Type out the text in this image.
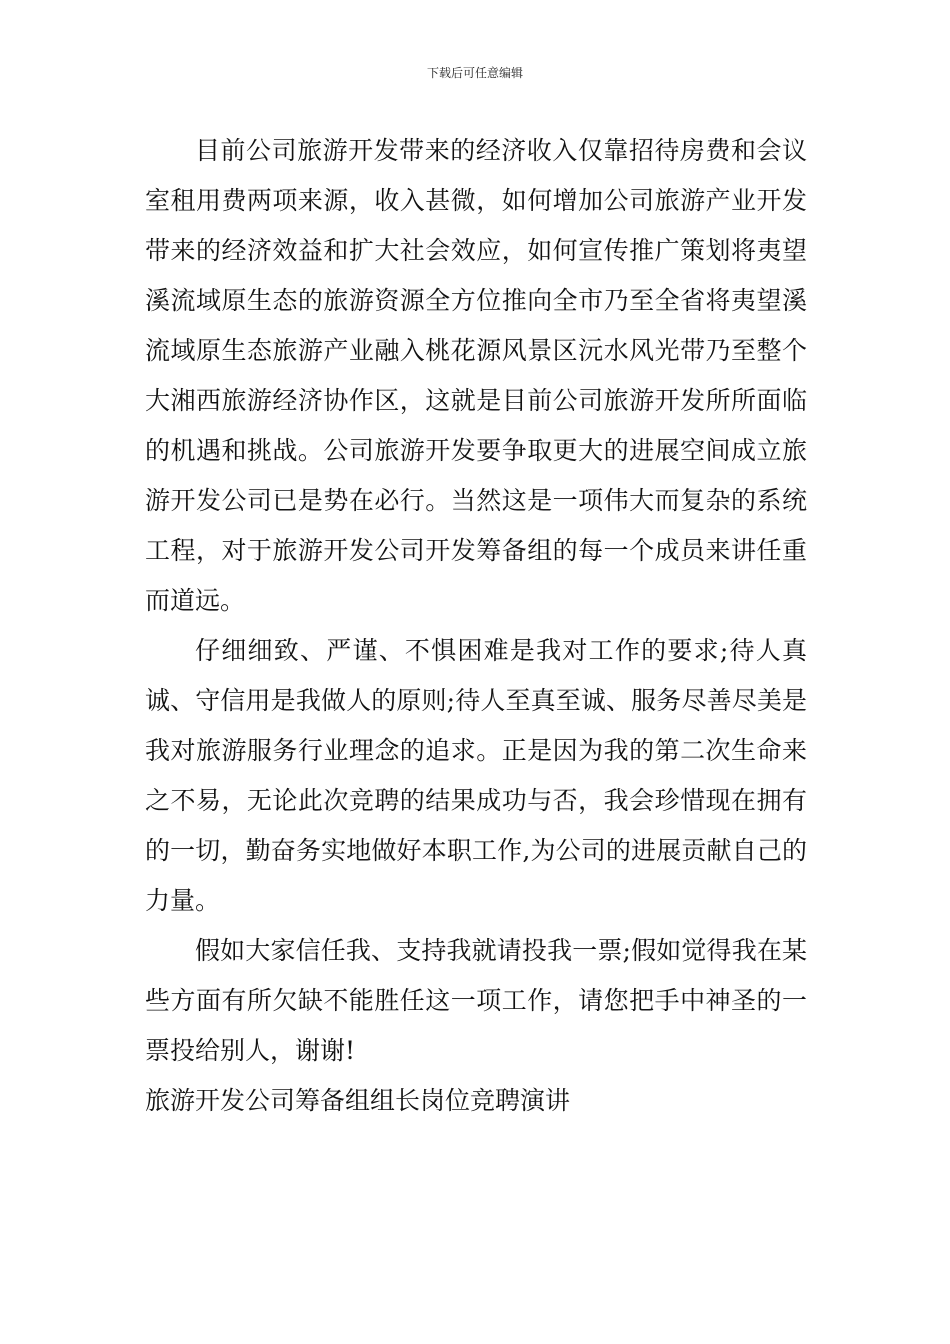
下载后可任意编辑

目前公司旅游开发带来的经济收入仅靠招待房费和会议室租用费两项来源，收入甚微，如何增加公司旅游产业开发带来的经济效益和扩大社会效应，如何宣传推广策划将夷望溪流域原生态的旅游资源全方位推向全市乃至全省将夷望溪流域原生态旅游产业融入桃花源风景区沅水风光带乃至整个大湘西旅游经济协作区，这就是目前公司旅游开发所所面临的机遇和挑战。公司旅游开发要争取更大的进展空间成立旅游开发公司已是势在必行。当然这是一项伟大而复杂的系统工程，对于旅游开发公司开发筹备组的每一个成员来讲任重而道远。

仔细细致、严谨、不惧困难是我对工作的要求;待人真诚、守信用是我做人的原则;待人至真至诚、服务尽善尽美是我对旅游服务行业理念的追求。正是因为我的第二次生命来之不易，无论此次竞聘的结果成功与否，我会珍惜现在拥有的一切，勤奋务实地做好本职工作,为公司的进展贡献自己的力量。

假如大家信任我、支持我就请投我一票;假如觉得我在某些方面有所欠缺不能胜任这一项工作，请您把手中神圣的一票投给别人，谢谢!

旅游开发公司筹备组组长岗位竞聘演讲
